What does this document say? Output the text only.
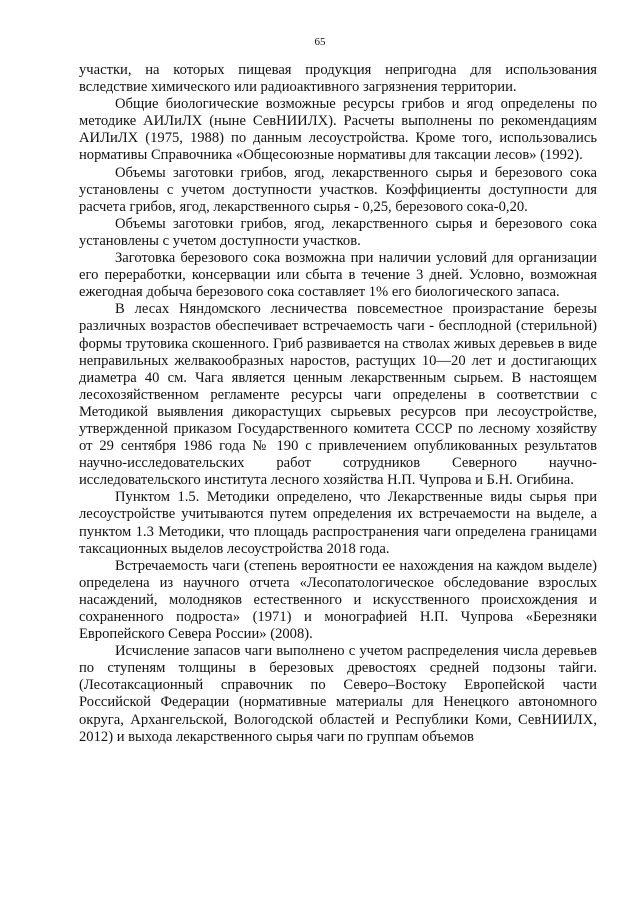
65

участки, на которых пищевая продукция непригодна для использования вследствие химического или радиоактивного загрязнения территории.

Общие биологические возможные ресурсы грибов и ягод определены по методике АИЛиЛХ (ныне СевНИИЛХ). Расчеты выполнены по рекомендациям АИЛиЛХ (1975, 1988) по данным лесоустройства. Кроме того, использовались нормативы Справочника «Общесоюзные нормативы для таксации лесов» (1992).

Объемы заготовки грибов, ягод, лекарственного сырья и березового сока установлены с учетом доступности участков. Коэффициенты доступности для расчета грибов, ягод, лекарственного сырья - 0,25, березового сока-0,20.

Объемы заготовки грибов, ягод, лекарственного сырья и березового сока установлены с учетом доступности участков.

Заготовка березового сока возможна при наличии условий для организации его переработки, консервации или сбыта в течение 3 дней. Условно, возможная ежегодная добыча березового сока составляет 1% его биологического запаса.

В лесах Няндомского лесничества повсеместное произрастание березы различных возрастов обеспечивает встречаемость чаги - бесплодной (стерильной) формы трутовика скошенного. Гриб развивается на стволах живых деревьев в виде неправильных желвакообразных наростов, растущих 10—20 лет и достигающих диаметра 40 см. Чага является ценным лекарственным сырьем. В настоящем лесохозяйственном регламенте ресурсы чаги определены в соответствии с Методикой выявления дикорастущих сырьевых ресурсов при лесоустройстве, утвержденной приказом Государственного комитета СССР по лесному хозяйству от 29 сентября 1986 года № 190 с привлечением опубликованных результатов научно-исследовательских работ сотрудников Северного научно-исследовательского института лесного хозяйства Н.П. Чупрова и Б.Н. Огибина.

Пунктом 1.5. Методики определено, что Лекарственные виды сырья при лесоустройстве учитываются путем определения их встречаемости на выделе, а пунктом 1.3 Методики, что площадь распространения чаги определена границами таксационных выделов лесоустройства 2018 года.

Встречаемость чаги (степень вероятности ее нахождения на каждом выделе) определена из научного отчета «Лесопатологическое обследование взрослых насаждений, молодняков естественного и искусственного происхождения и сохраненного подроста» (1971) и монографией Н.П. Чупрова «Березняки Европейского Севера России» (2008).

Исчисление запасов чаги выполнено с учетом распределения числа деревьев по ступеням толщины в березовых древостоях средней подзоны тайги. (Лесотаксационный справочник по Северо–Востоку Европейской части Российской Федерации (нормативные материалы для Ненецкого автономного округа, Архангельской, Вологодской областей и Республики Коми, СевНИИЛХ, 2012) и выхода лекарственного сырья чаги по группам объемов
